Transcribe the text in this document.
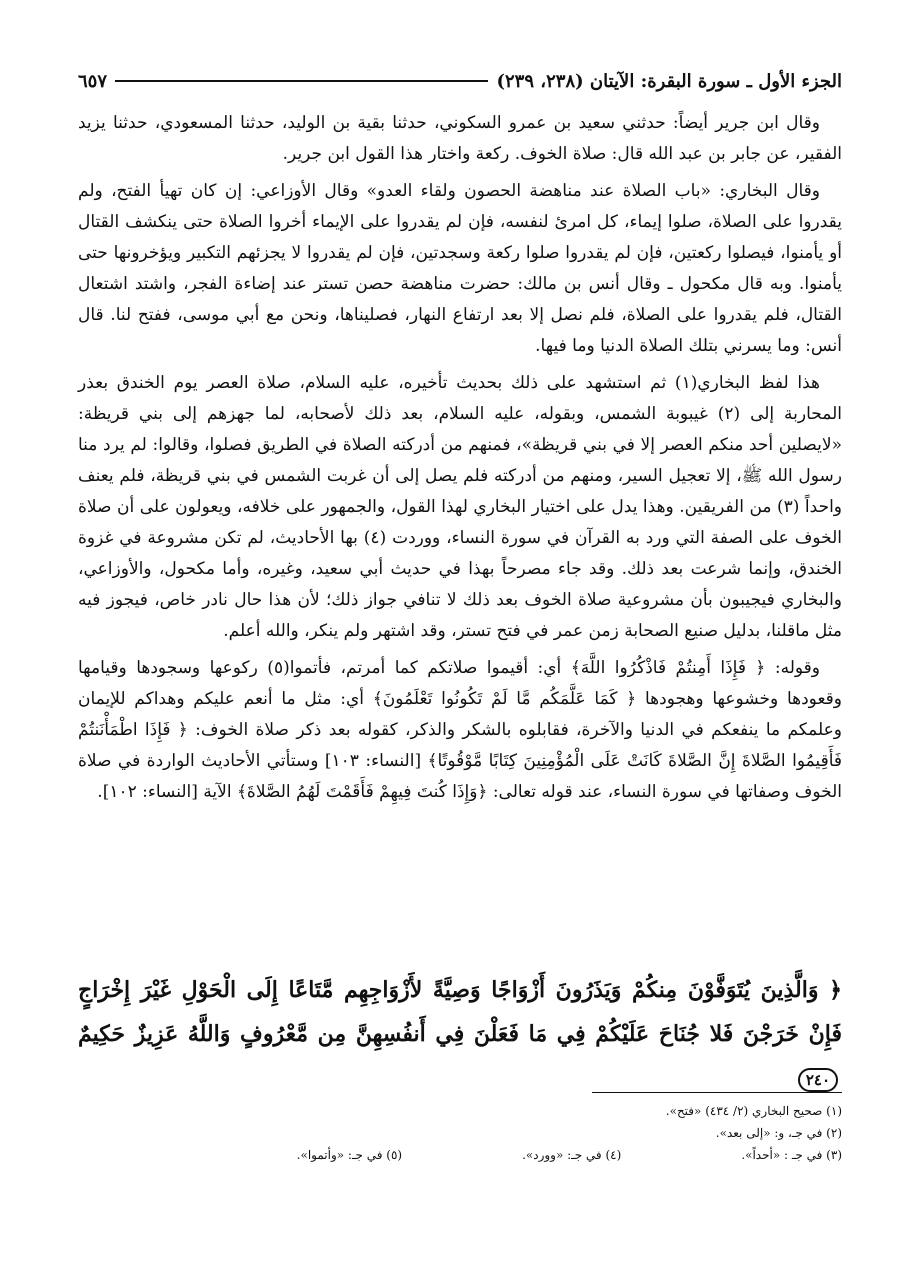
الجزء الأول ـ سورة البقرة: الآيتان (٢٣٨، ٢٣٩)
٦٥٧

وقال ابن جرير أيضاً: حدثني سعيد بن عمرو السكوني، حدثنا بقية بن الوليد، حدثنا المسعودي، حدثنا يزيد الفقير، عن جابر بن عبد الله قال: صلاة الخوف. ركعة واختار هذا القول ابن جرير.

وقال البخاري: «باب الصلاة عند مناهضة الحصون ولقاء العدو» وقال الأوزاعي: إن كان تهيأ الفتح، ولم يقدروا على الصلاة، صلوا إيماء، كل امرئ لنفسه، فإن لم يقدروا على الإيماء أخروا الصلاة حتى ينكشف القتال أو يأمنوا، فيصلوا ركعتين، فإن لم يقدروا صلوا ركعة وسجدتين، فإن لم يقدروا لا يجزئهم التكبير ويؤخرونها حتى يأمنوا. وبه قال مكحول ـ وقال أنس بن مالك: حضرت مناهضة حصن تستر عند إضاءة الفجر، واشتد اشتعال القتال، فلم يقدروا على الصلاة، فلم نصل إلا بعد ارتفاع النهار، فصليناها، ونحن مع أبي موسى، ففتح لنا. قال أنس: وما يسرني بتلك الصلاة الدنيا وما فيها.

هذا لفظ البخاري(١) ثم استشهد على ذلك بحديث تأخيره، عليه السلام، صلاة العصر يوم الخندق بعذر المحاربة إلى (٢) غيبوبة الشمس، وبقوله، عليه السلام، بعد ذلك لأصحابه، لما جهزهم إلى بني قريظة: «لايصلين أحد منكم العصر إلا في بني قريظة»، فمنهم من أدركته الصلاة في الطريق فصلوا، وقالوا: لم يرد منا رسول الله ﷺ، إلا تعجيل السير، ومنهم من أدركته فلم يصل إلى أن غربت الشمس في بني قريظة، فلم يعنف واحداً (٣) من الفريقين. وهذا يدل على اختيار البخاري لهذا القول، والجمهور على خلافه، ويعولون على أن صلاة الخوف على الصفة التي ورد به القرآن في سورة النساء، ووردت (٤) بها الأحاديث، لم تكن مشروعة في غزوة الخندق، وإنما شرعت بعد ذلك. وقد جاء مصرحاً بهذا في حديث أبي سعيد، وغيره، وأما مكحول، والأوزاعي، والبخاري فيجيبون بأن مشروعية صلاة الخوف بعد ذلك لا تنافي جواز ذلك؛ لأن هذا حال نادر خاص، فيجوز فيه مثل ماقلنا، بدليل صنيع الصحابة زمن عمر في فتح تستر، وقد اشتهر ولم ينكر، والله أعلم.

وقوله: ﴿ فَإِذَا أَمِنتُمْ فَاذْكُرُوا اللَّهَ﴾ أي: أقيموا صلاتكم كما أمرتم، فأتموا(٥) ركوعها وسجودها وقيامها وقعودها وخشوعها وهجودها ﴿ كَمَا عَلَّمَكُم مَّا لَمْ تَكُونُوا تَعْلَمُونَ﴾ أي: مثل ما أنعم عليكم وهداكم للإيمان وعلمكم ما ينفعكم في الدنيا والآخرة، فقابلوه بالشكر والذكر، كقوله بعد ذكر صلاة الخوف: ﴿ فَإِذَا اطْمَأْنَنتُمْ فَأَقِيمُوا الصَّلاةَ إِنَّ الصَّلاةَ كَانَتْ عَلَى الْمُؤْمِنِينَ كِتَابًا مَّوْقُوتًا﴾ [النساء: ١٠٣] وستأتي الأحاديث الواردة في صلاة الخوف وصفاتها في سورة النساء، عند قوله تعالى: ﴿وَإِذَا كُنتَ فِيهِمْ فَأَقَمْتَ لَهُمُ الصَّلاةَ﴾ الآية [النساء: ١٠٢].

﴿ وَالَّذِينَ يُتَوَفَّوْنَ مِنكُمْ وَيَذَرُونَ أَزْوَاجًا وَصِيَّةً لأَزْوَاجِهِم مَّتَاعًا إِلَى الْحَوْلِ غَيْرَ إِخْرَاجٍ فَإِنْ خَرَجْنَ فَلا جُنَاحَ عَلَيْكُمْ فِي مَا فَعَلْنَ فِي أَنفُسِهِنَّ مِن مَّعْرُوفٍ وَاللَّهُ عَزِيزٌ حَكِيمٌ ٢٤٠
(١) صحيح البخاري (٢/ ٤٣٤) «فتح».
(٢) في جـ، و: «إلى بعد».
(٣) في جـ : «أحداً».
(٤) في جـ: «وورد».
(٥) في جـ: «وأتموا».
